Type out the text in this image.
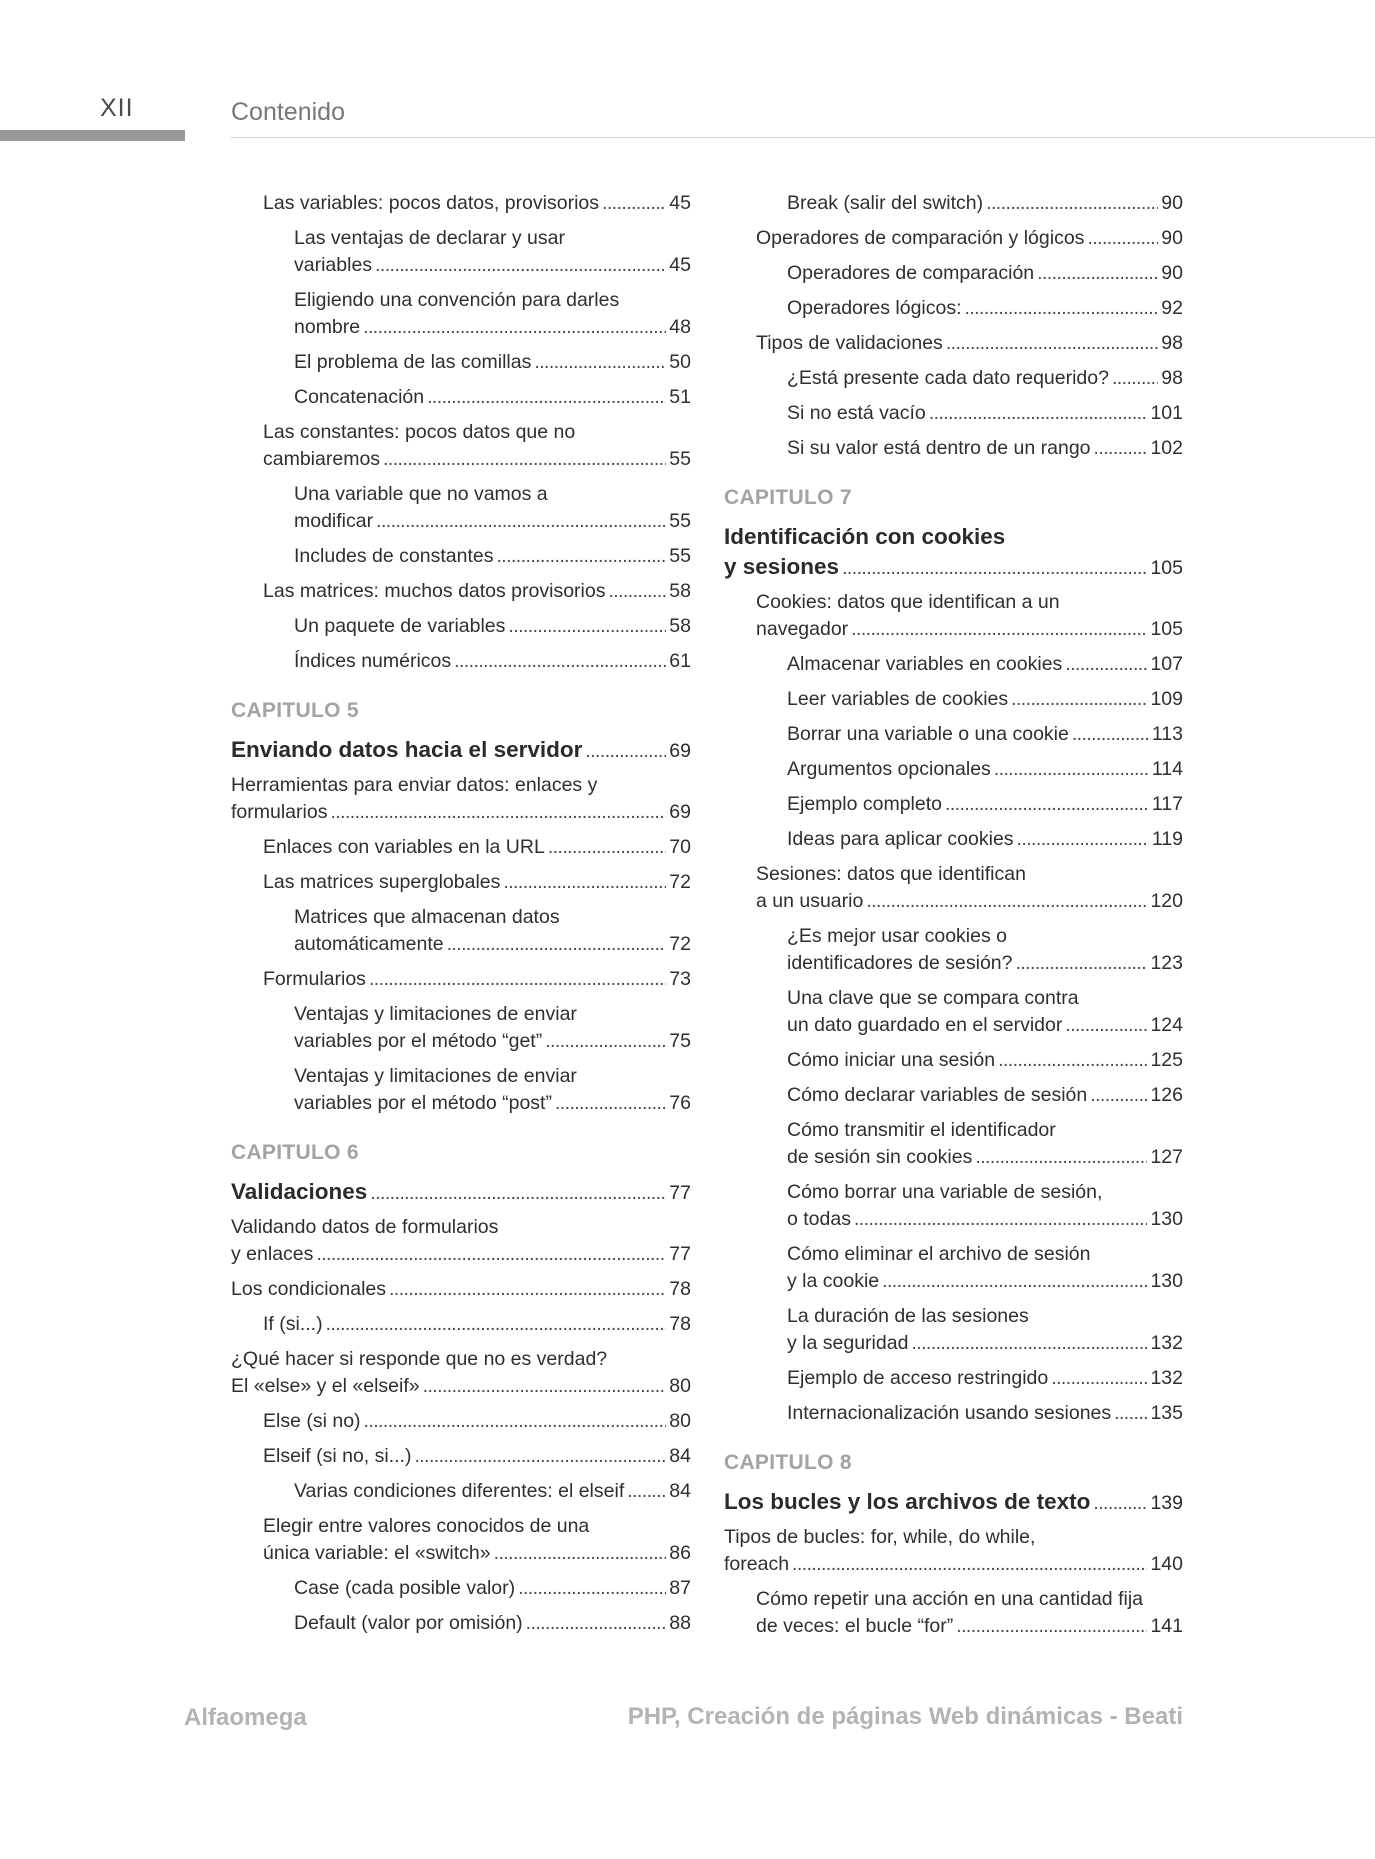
XII	Contenido
Las variables: pocos datos, provisorios . . .	45
Las ventajas de declarar y usar
variables . . .	45
Eligiendo una convención para darles
nombre . . .	48
El problema de las comillas . . .	50
Concatenación . . .	51
Las constantes: pocos datos que no
cambiaremos . . .	55
Una variable que no vamos a
modificar . . .	55
Includes de constantes . . .	55
Las matrices: muchos datos provisorios . . .	58
Un paquete de variables . . .	58
Índices numéricos . . .	61
CAPITULO 5
Enviando datos hacia el servidor . . .	69
Herramientas para enviar datos: enlaces y
formularios . . .	69
Enlaces con variables en la URL . . .	70
Las matrices superglobales . . .	72
Matrices que almacenan datos
automáticamente . . .	72
Formularios . . .	73
Ventajas y limitaciones de enviar
variables por el método “get” . . .	75
Ventajas y limitaciones de enviar
variables por el método “post” . . .	76
CAPITULO 6
Validaciones . . .	77
Validando datos de formularios
y enlaces . . .	77
Los condicionales . . .	78
If (si...) . . .	78
¿Qué hacer si responde que no es verdad?
El «else» y el «elseif» . . .	80
Else (si no) . . .	80
Elseif (si no, si...) . . .	84
Varias condiciones diferentes: el elseif . . . 84
Elegir entre valores conocidos de una
única variable: el «switch» . . .	86
Case (cada posible valor) . . .	87
Default (valor por omisión) . . .	88
Break (salir del switch) . . .	90
Operadores de comparación y lógicos . . .	90
Operadores de comparación . . .	90
Operadores lógicos: . . .	92
Tipos de validaciones . . .	98
¿Está presente cada dato requerido? . . .	98
Si no está vacío . . .	101
Si su valor está dentro de un rango . . .	102
CAPITULO 7
Identificación con cookies
y sesiones . . .	105
Cookies: datos que identifican a un
navegador . . .	105
Almacenar variables en cookies . . .	107
Leer variables de cookies . . .	109
Borrar una variable o una cookie . . .	113
Argumentos opcionales . . .	114
Ejemplo completo . . .	117
Ideas para aplicar cookies . . .	119
Sesiones: datos que identifican
a un usuario . . .	120
¿Es mejor usar cookies o
identificadores de sesión? . . .	123
Una clave que se compara contra
un dato guardado en el servidor . . .	124
Cómo iniciar una sesión . . .	125
Cómo declarar variables de sesión . . .	126
Cómo transmitir el identificador
de sesión sin cookies . . .	127
Cómo borrar una variable de sesión,
o todas . . .	130
Cómo eliminar el archivo de sesión
y la cookie . . .	130
La duración de las sesiones
y la seguridad . . .	132
Ejemplo de acceso restringido . . .	132
Internacionalización usando sesiones . . . 135
CAPITULO 8
Los bucles y los archivos de texto . . .	139
Tipos de bucles: for, while, do while,
foreach . . .	140
Cómo repetir una acción en una cantidad fija
de veces: el bucle “for” . . .	141
Alfaomega	PHP, Creación de páginas Web dinámicas - Beati
